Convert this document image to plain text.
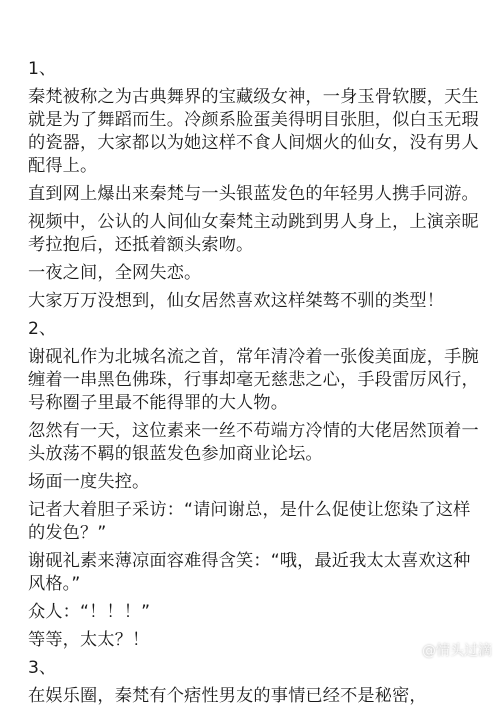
1、

秦梵被称之为古典舞界的宝藏级女神，一身玉骨软腰，天生就是为了舞蹈而生。冷颜系脸蛋美得明目张胆，似白玉无瑕的瓷器，大家都以为她这样不食人间烟火的仙女，没有男人配得上。

直到网上爆出来秦梵与一头银蓝发色的年轻男人携手同游。

视频中，公认的人间仙女秦梵主动跳到男人身上，上演亲昵考拉抱后，还抵着额头索吻。

一夜之间，全网失恋。

大家万万没想到，仙女居然喜欢这样桀骜不驯的类型！

2、

谢砚礼作为北城名流之首，常年清冷着一张俊美面庞，手腕缠着一串黑色佛珠，行事却毫无慈悲之心，手段雷厉风行，号称圈子里最不能得罪的大人物。

忽然有一天，这位素来一丝不苟端方冷情的大佬居然顶着一头放荡不羁的银蓝发色参加商业论坛。

场面一度失控。

记者大着胆子采访：“请问谢总，是什么促使让您染了这样的发色？”

谢砚礼素来薄凉面容难得含笑：“哦，最近我太太喜欢这种风格。”

众人：“！！！”

等等，太太？！

3、

在娱乐圈，秦梵有个痞性男友的事情已经不是秘密，

@情头过滴
